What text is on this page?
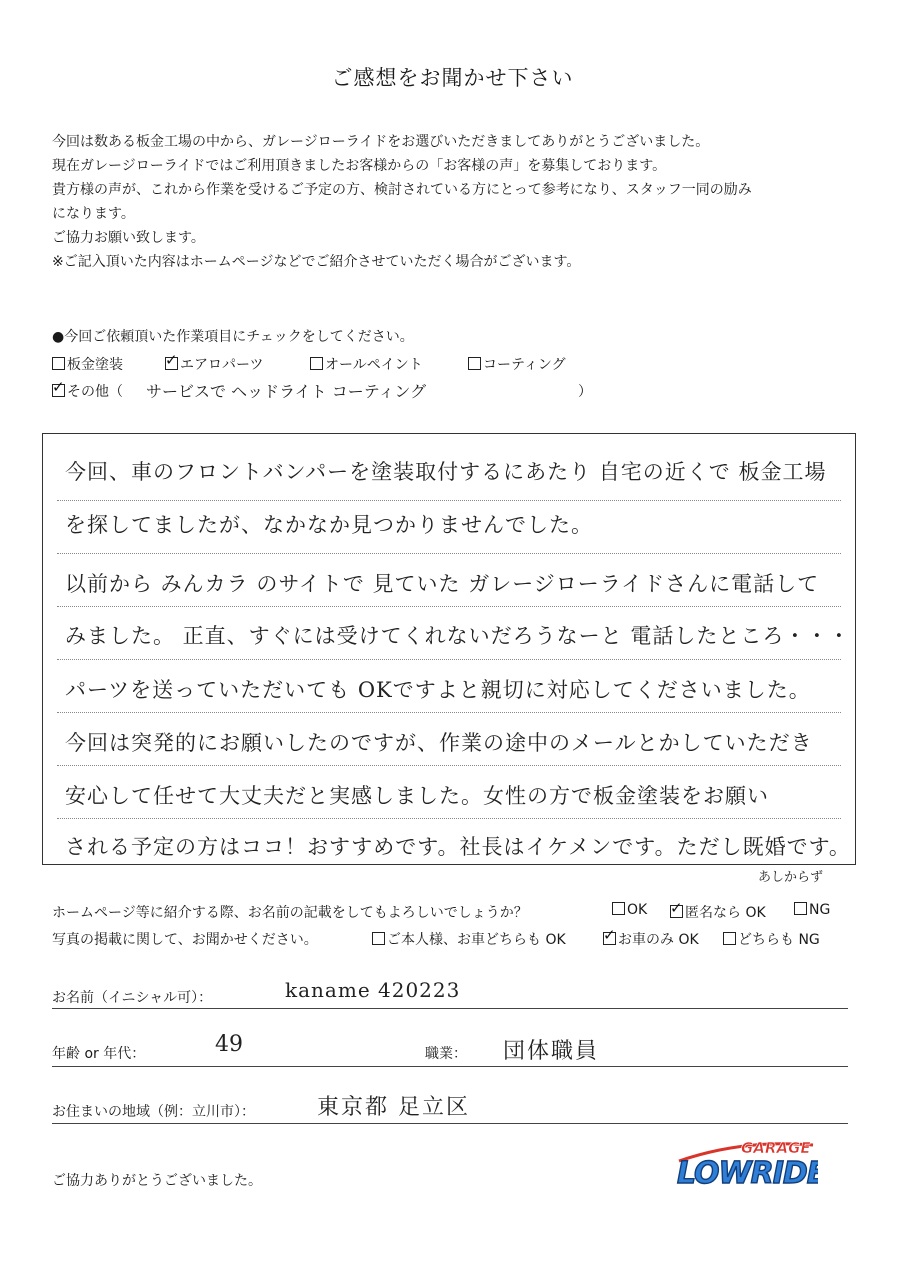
ご感想をお聞かせ下さい
今回は数ある板金工場の中から、ガレージローライドをお選びいただきましてありがとうございました。
現在ガレージローライドではご利用頂きましたお客様からの「お客様の声」を募集しております。
貴方様の声が、これから作業を受けるご予定の方、検討されている方にとって参考になり、スタッフ一同の励み
になります。
ご協力お願い致します。
※ご記入頂いた内容はホームページなどでご紹介させていただく場合がございます。
●今回ご依頼頂いた作業項目にチェックをしてください。
板金塗装 ✓	エアロパーツ	オールペイント	コーティング
✓その他（ サービスで ヘッドライト コーティング	）
今回、車のフロントバンパーを塗装取付するにあたり 自宅の近くで 板金工場
を探してましたが、なかなか見つかりませんでした。
以前から みんカラ のサイトで 見ていた ガレージローライドさんに電話して
みました。 正直、すぐには受けてくれないだろうなーと 電話したところ・・・
パーツを送っていただいても OKですよと親切に対応してくださいました。
今回は突発的にお願いしたのですが、作業の途中のメールとかしていただき
安心して任せて大丈夫だと実感しました。女性の方で板金塗装をお願い
される予定の方はココ！おすすめです。社長はイケメンです。ただし既婚です。
あしからず
ホームページ等に紹介する際、お名前の記載をしてもよろしいでしょうか？	OK ✓	匿名なら OK	NG
写真の掲載に関して、お聞かせください。	ご本人様、お車どちらも OK ✓	お車のみ OK	どちらも NG
お名前（イニシャル可）：	kaname 420223
年齢 or 年代：	49	職業： 団体職員
お住まいの地域（例：立川市）：	東京都 足立区
ご協力ありがとうございました。
GARAGE
LOWRIDE
